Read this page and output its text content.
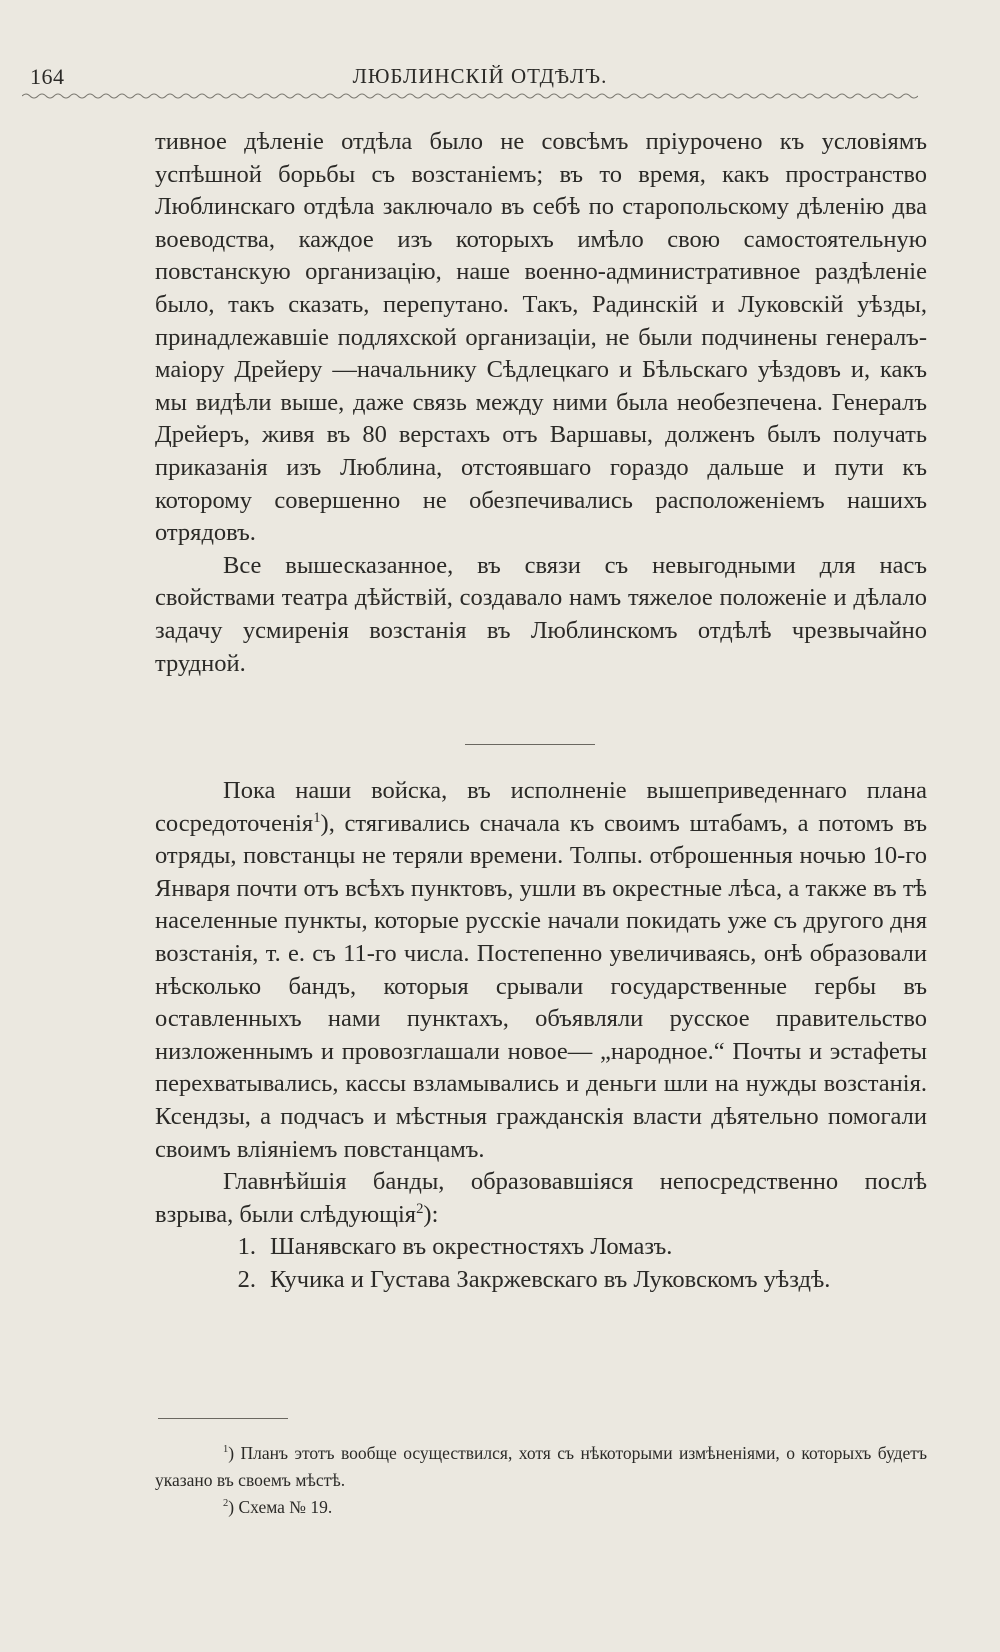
164	ЛЮБЛИНСКІЙ ОТДѢЛЪ.

тивное дѣленіе отдѣла было не совсѣмъ пріурочено къ условіямъ успѣшной борьбы съ возстаніемъ; въ то время, какъ пространство Люблинскаго отдѣла заключало въ себѣ по старопольскому дѣленію два воеводства, каждое изъ которыхъ имѣло свою самостоятельную повстанскую организацію, наше военно-административное раздѣленіе было, такъ сказать, перепутано. Такъ, Радинскій и Луковскій уѣзды, принадлежавшіе подляхской организаціи, не были подчинены генералъ-маіору Дрейеру —начальнику Сѣдлецкаго и Бѣльскаго уѣздовъ и, какъ мы видѣли выше, даже связь между ними была необезпечена. Генералъ Дрейеръ, живя въ 80 верстахъ отъ Варшавы, долженъ былъ получать приказанія изъ Люблина, отстоявшаго гораздо дальше и пути къ которому совершенно не обезпечивались расположеніемъ нашихъ отрядовъ.

Все вышесказанное, въ связи съ невыгодными для насъ свойствами театра дѣйствій, создавало намъ тяжелое положеніе и дѣлало задачу усмиренія возстанія въ Люблинскомъ отдѣлѣ чрезвычайно трудной.

Пока наши войска, въ исполненіе вышеприведеннаго плана сосредоточенія$^1$), стягивались сначала къ своимъ штабамъ, а потомъ въ отряды, повстанцы не теряли времени. Толпы. отброшенныя ночью 10-го Января почти отъ всѣхъ пунктовъ, ушли въ окрестные лѣса, а также въ тѣ населенные пункты, которые русскіе начали покидать уже съ другого дня возстанія, т. е. съ 11-го числа. Постепенно увеличиваясь, онѣ образовали нѣсколько бандъ, которыя срывали государственные гербы въ оставленныхъ нами пунктахъ, объявляли русское правительство низложеннымъ и провозглашали новое— „народное.“ Почты и эстафеты перехватывались, кассы взламывались и деньги шли на нужды возстанія. Ксендзы, а подчасъ и мѣстныя гражданскія власти дѣятельно помогали своимъ вліяніемъ повстанцамъ.

Главнѣйшія банды, образовавшіяся непосредственно послѣ взрыва, были слѣдующія$^2$):

1. Шанявскаго въ окрестностяхъ Ломазъ.
2. Кучика и Густава Закржевскаго въ Луковскомъ уѣздѣ.

$^1$) Планъ этотъ вообще осуществился, хотя съ нѣкоторыми измѣненіями, о которыхъ будетъ указано въ своемъ мѣстѣ.

$^2$) Схема № 19.
